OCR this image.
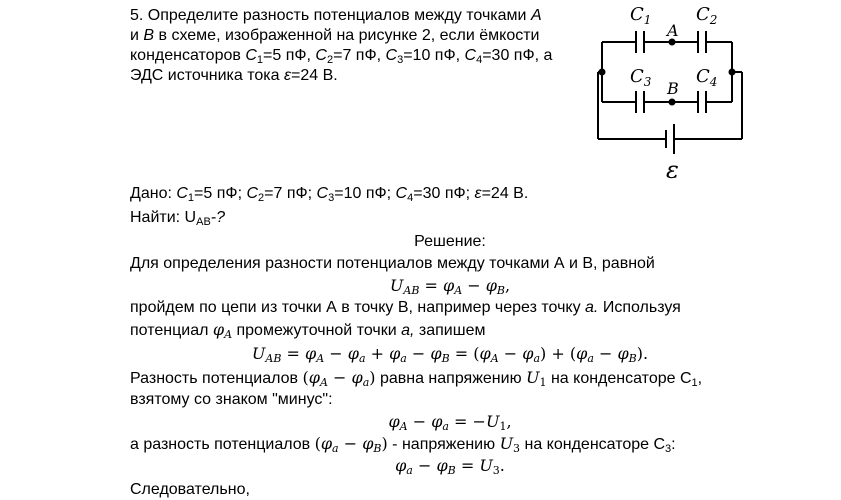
5. Определите разность потенциалов между точками A
и B в схеме, изображенной на рисунке 2, если ёмкости
конденсаторов $C_1=5$ пФ, $C_2=7$ пФ, $C_3=10$ пФ, $C_4=30$ пФ, а
ЭДС источника тока ε=24 В.
$C_1$ $C_2$
A
$C_3$ $C_4$
B
ε
Дано: $C_1=5$ пФ; $C_2=7$ пФ; $C_3=10$ пФ; $C_4=30$ пФ; ε=24 В.
Найти: $U_{AB}-$?
Решение:
Для определения разности потенциалов между точками А и В, равной
$U_{AB} = \varphi_A - \varphi_B$,
пройдем по цепи из точки А в точку В, например через точку a. Используя
потенциал $\varphi_A$ промежуточной точки a, запишем
$U_{AB} = \varphi_A - \varphi_a + \varphi_a - \varphi_B = (\varphi_A - \varphi_a) + (\varphi_a - \varphi_B)$.
Разность потенциалов $(\varphi_A - \varphi_a)$ равна напряжению $U_1$ на конденсаторе $C_1$,
взятому со знаком "минус":
$\varphi_A - \varphi_a = -U_1$,
а разность потенциалов $(\varphi_a - \varphi_B)$ - напряжению $U_3$ на конденсаторе $C_3$:
$\varphi_a - \varphi_B = U_3$.
Следовательно,
